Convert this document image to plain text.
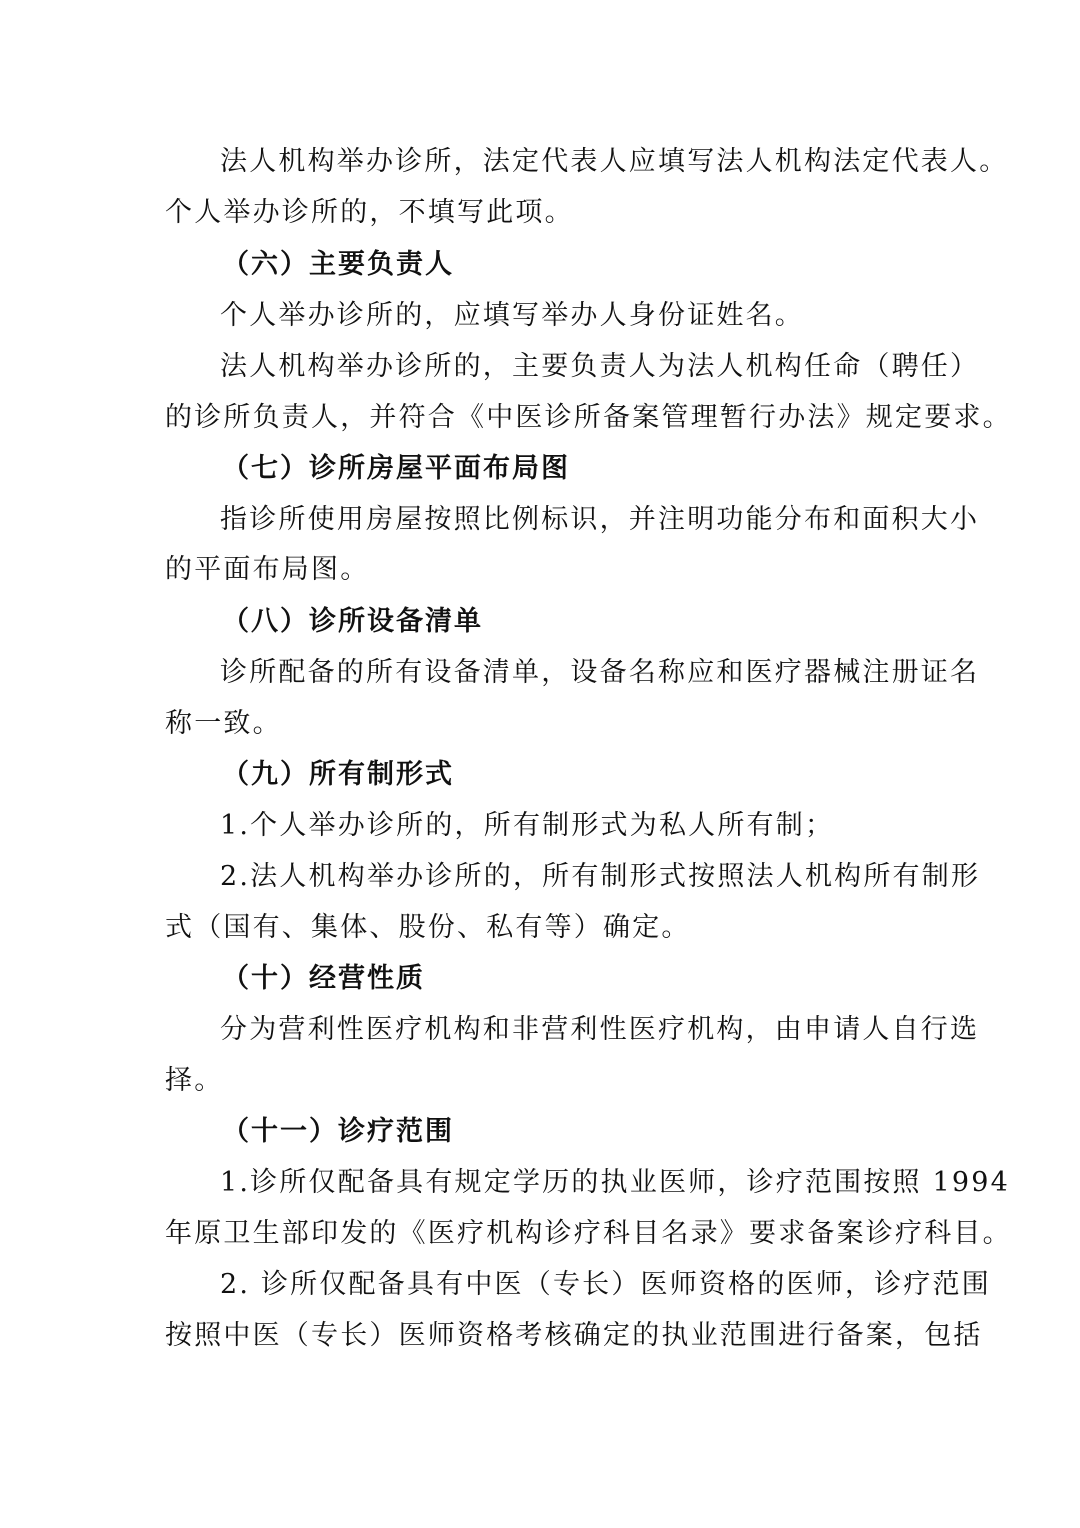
法人机构举办诊所，法定代表人应填写法人机构法定代表人。
个人举办诊所的，不填写此项。
（六）主要负责人
个人举办诊所的，应填写举办人身份证姓名。
法人机构举办诊所的，主要负责人为法人机构任命（聘任）
的诊所负责人，并符合《中医诊所备案管理暂行办法》规定要求。
（七）诊所房屋平面布局图
指诊所使用房屋按照比例标识，并注明功能分布和面积大小
的平面布局图。
（八）诊所设备清单
诊所配备的所有设备清单，设备名称应和医疗器械注册证名
称一致。
（九）所有制形式
1.个人举办诊所的，所有制形式为私人所有制；
2.法人机构举办诊所的，所有制形式按照法人机构所有制形
式（国有、集体、股份、私有等）确定。
（十）经营性质
分为营利性医疗机构和非营利性医疗机构，由申请人自行选
择。
（十一）诊疗范围
1.诊所仅配备具有规定学历的执业医师，诊疗范围按照 1994
年原卫生部印发的《医疗机构诊疗科目名录》要求备案诊疗科目。
2. 诊所仅配备具有中医（专长）医师资格的医师，诊疗范围
按照中医（专长）医师资格考核确定的执业范围进行备案，包括
